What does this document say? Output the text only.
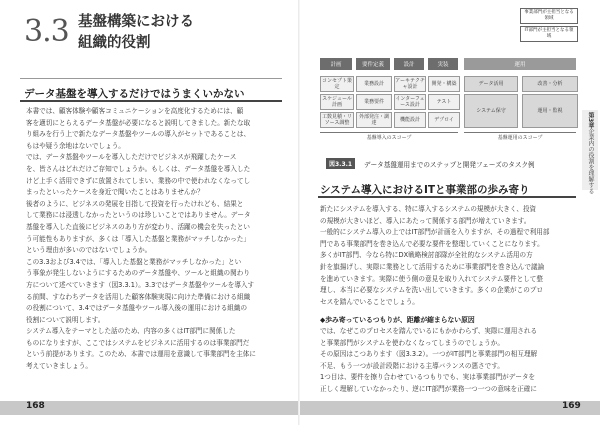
3.3 基盤構築における
組織的役割
データ基盤を導入するだけではうまくいかない
本書では、顧客体験や顧客コミュニケーションを高度化するためには、顧
客を適切にとらえるデータ基盤が必要になると説明してきました。新たな取
り組みを行う上で新たなデータ基盤やツールの導入がセットであることは、
もはや疑う余地はないでしょう。
では、データ基盤やツールを導入しただけでビジネスが飛躍したケース
を、皆さんはどれだけご存知でしょうか。もしくは、データ基盤を導入した
けど上手く活用できずに放置されてしまい、業務の中で使われなくなってし
まったといったケースを身近で聞いたことはありませんか？
後者のように、ビジネスの発展を目指して投資を行ったけれども、結果と
して業務には浸透しなかったというのは珍しいことではありません。データ
基盤を導入した直後にビジネスのあり方が変わり、活躍の機会を失ったとい
う可能性もありますが、多くは「導入した基盤と業務がマッチしなかった」
という理由が多いのではないでしょうか。
この3.3および3.4では、「導入した基盤と業務がマッチしなかった」とい
う事象が発生しないようにするためのデータ基盤や、ツールと組織の関わり
方について述べていきます（図3.3.1）。3.3ではデータ基盤やツールを導入す
る前間、すなわちデータを活用した顧客体験実現に向けた準備における組織
の役割について、3.4ではデータ基盤やツール導入後の運用における組織の
役割について説明します。
システム導入をテーマとした話のため、内容の多くはIT部門に関係した
ものになりますが、ここではシステムをビジネスに活用するのは事業部門だ
という前提があります。このため、本書では運用を意識して事業部門を主体に
考えていきましょう。
168
事業部門が主担当となる領域
IT部門が主担当となる領域
計画	要件定義	設計	実装	運用
コンセプト策定	業務設計	アーキテクチャ設計	開発・構築
スケジュール計画	業務要件	インターフェース設計	テスト
工数見積・リソース調整
外部発注・調達	機能設計	デプロイ
データ活用	改善・分析
システム保守	運用・監視
基盤導入のスコープ	基盤運用のスコープ
図3.3.1	データ基盤運用までのステップと開発フェーズのタスク例
システム導入におけるITと事業部の歩み寄り
新たにシステムを導入する、特に導入するシステムの規模が大きく、投資
の規模が大きいほど、導入にあたって関係する部門が増えていきます。
一般的にシステム導入の上ではIT部門が計画を入りますが、その過程で利用部
門である事業部門を巻き込んで必要な要件を整理していくことになります。
多くがIT部門、今なら特にDX戦略検討部隊が全社的なシステム活用の方
針を旗揚げし、実際に業務として活用するために事業部門を巻き込んで議論
を進めていきます。実際に使う側の意見を取り入れてシステム要件として整
理し、本当に必要なシステムを洗い出していきます。多くの企業がこのプロ
セスを踏んでいることでしょう。
◆歩み寄っているつもりが、距離が縮まらない原因
では、なぜこのプロセスを踏んでいるにもかかわらず、実際に運用される
と事業部門がシステムを使わなくなってしまうのでしょうか。
その原因はこつあります（図3.3.2）。一つがIT部門と事業部門の相互理解
不足、もう一つが設計段階における主導バランスの悪さです。
1つ目は、要件を擦り合わせているつもりでも、実は事業部門がデータを
正しく理解していなかったり、逆にIT部門が業務一つ一つの意味を正確に
169
第3章企業内の役割を理解する
